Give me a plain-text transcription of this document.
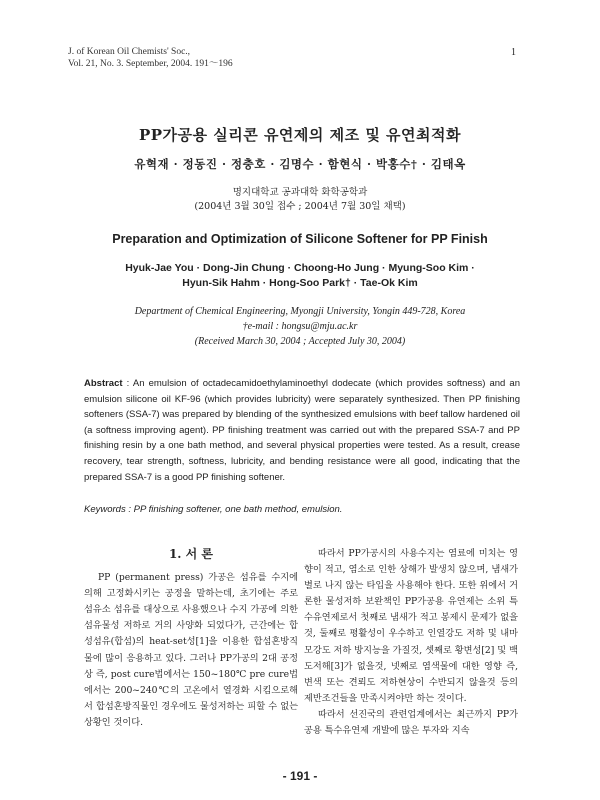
J. of Korean Oil Chemists' Soc.,
Vol. 21, No. 3. September, 2004. 191～196
1
PP가공용 실리콘 유연제의 제조 및 유연최적화
유혁재 · 정동진 · 정충호 · 김명수 · 함현식 · 박홍수† · 김태옥
명지대학교 공과대학 화학공학과
(2004년 3월 30일 접수 ; 2004년 7월 30일 채택)
Preparation and Optimization of Silicone Softener for PP Finish
Hyuk-Jae You · Dong-Jin Chung · Choong-Ho Jung · Myung-Soo Kim ·
Hyun-Sik Hahm · Hong-Soo Park† · Tae-Ok Kim
Department of Chemical Engineering, Myongji University, Yongin 449-728, Korea
†e-mail : hongsu@mju.ac.kr
(Received March 30, 2004 ; Accepted July 30, 2004)
Abstract : An emulsion of octadecamidoethylaminoethyl dodecate (which provides softness) and an emulsion silicone oil KF-96 (which provides lubricity) were separately synthesized. Then PP finishing softeners (SSA-7) was prepared by blending of the synthesized emulsions with beef tallow hardened oil (a softness improving agent). PP finishing treatment was carried out with the prepared SSA-7 and PP finishing resin by a one bath method, and several physical properties were tested. As a result, crease recovery, tear strength, softness, lubricity, and bending resistance were all good, indicating that the prepared SSA-7 is a good PP finishing softener.
Keywords : PP finishing softener, one bath method, emulsion.
1. 서 론

PP (permanent press) 가공은 섬유를 수지에 의해 고정화시키는 공정을 말하는데, 초기에는 주로 섬유소 섬유를 대상으로 사용했으나 수지 가공에 의한 섬유물성 저하로 거의 사양화 되었다가, 근간에는 합성섬유(합섬)의 heat-set성[1]을 이용한 합섬혼방직물에 많이 응용하고 있다. 그러나 PP가공의 2대 공정상 즉, post cure법에서는 150~180℃ pre cure법에서는 200~240℃의 고온에서 열경화 시킴으로해서 합섬혼방직물인 경우에도 물성저하는 피할 수 없는 상황인 것이다.

따라서 PP가공시의 사용수지는 염료에 미치는 영향이 적고, 염소로 인한 상해가 발생치 않으며, 냄새가 별로 나지 않는 타입을 사용해야 한다. 또한 위에서 거론한 물성저하 보완책인 PP가공용 유연제는 소위 특수유연제로서 첫째로 냄새가 적고 봉제시 문제가 없을것, 둘째로 평활성이 우수하고 인열강도 저하 및 내마모강도 저하 방지능을 가질것, 셋째로 황변성[2] 및 백도저해[3]가 없을것, 넷째로 염색물에 대한 영향 즉, 변색 또는 견뢰도 저하현상이 수반되지 않을것 등의 제반조건들을 만족시켜야만 하는 것이다.

따라서 선진국의 관련업계에서는 최근까지 PP가공용 특수유연제 개발에 많은 투자와 지속

- 191 -
